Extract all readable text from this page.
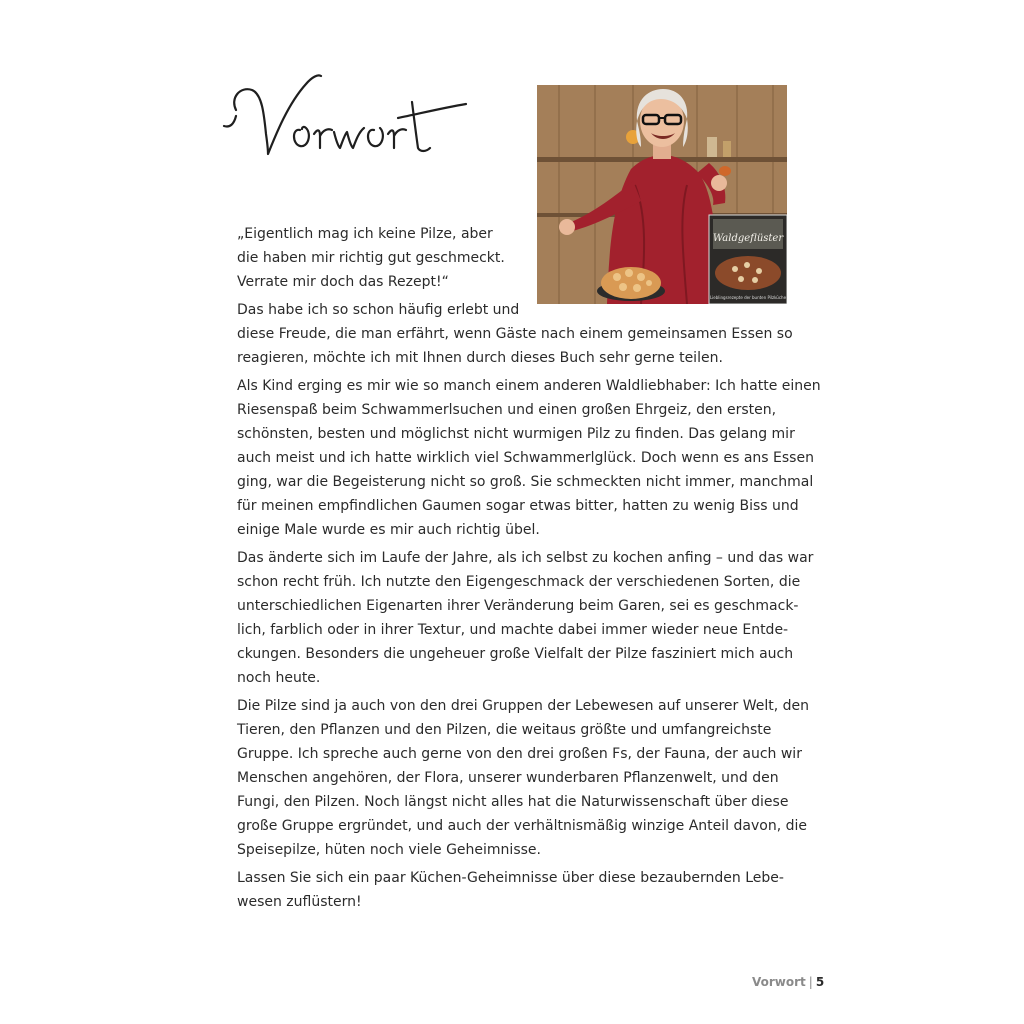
Waldgeflüster
Lieblingsrezepte der bunten Pilzküche
„Eigentlich mag ich keine Pilze, aber
die haben mir richtig gut geschmeckt.
Verrate mir doch das Rezept!“

Das habe ich so schon häufig erlebt und
diese Freude, die man erfährt, wenn Gäste nach einem gemeinsamen Essen so
reagieren, möchte ich mit Ihnen durch dieses Buch sehr gerne teilen.

Als Kind erging es mir wie so manch einem anderen Waldliebhaber: Ich hatte einen
Riesenspaß beim Schwammerlsuchen und einen großen Ehrgeiz, den ersten,
schönsten, besten und möglichst nicht wurmigen Pilz zu finden. Das gelang mir
auch meist und ich hatte wirklich viel Schwammerlglück. Doch wenn es ans Essen
ging, war die Begeisterung nicht so groß. Sie schmeckten nicht immer, manchmal
für meinen empfindlichen Gaumen sogar etwas bitter, hatten zu wenig Biss und
einige Male wurde es mir auch richtig übel.

Das änderte sich im Laufe der Jahre, als ich selbst zu kochen anfing – und das war
schon recht früh. Ich nutzte den Eigengeschmack der verschiedenen Sorten, die
unterschiedlichen Eigenarten ihrer Veränderung beim Garen, sei es geschmack-
lich, farblich oder in ihrer Textur, und machte dabei immer wieder neue Entde-
ckungen. Besonders die ungeheuer große Vielfalt der Pilze fasziniert mich auch
noch heute.

Die Pilze sind ja auch von den drei Gruppen der Lebewesen auf unserer Welt, den
Tieren, den Pflanzen und den Pilzen, die weitaus größte und umfangreichste
Gruppe. Ich spreche auch gerne von den drei großen Fs, der Fauna, der auch wir
Menschen angehören, der Flora, unserer wunderbaren Pflanzenwelt, und den
Fungi, den Pilzen. Noch längst nicht alles hat die Naturwissenschaft über diese
große Gruppe ergründet, und auch der verhältnismäßig winzige Anteil davon, die
Speisepilze, hüten noch viele Geheimnisse.

Lassen Sie sich ein paar Küchen-Geheimnisse über diese bezaubernden Lebe-
wesen zuflüstern!

Vorwort | 5
